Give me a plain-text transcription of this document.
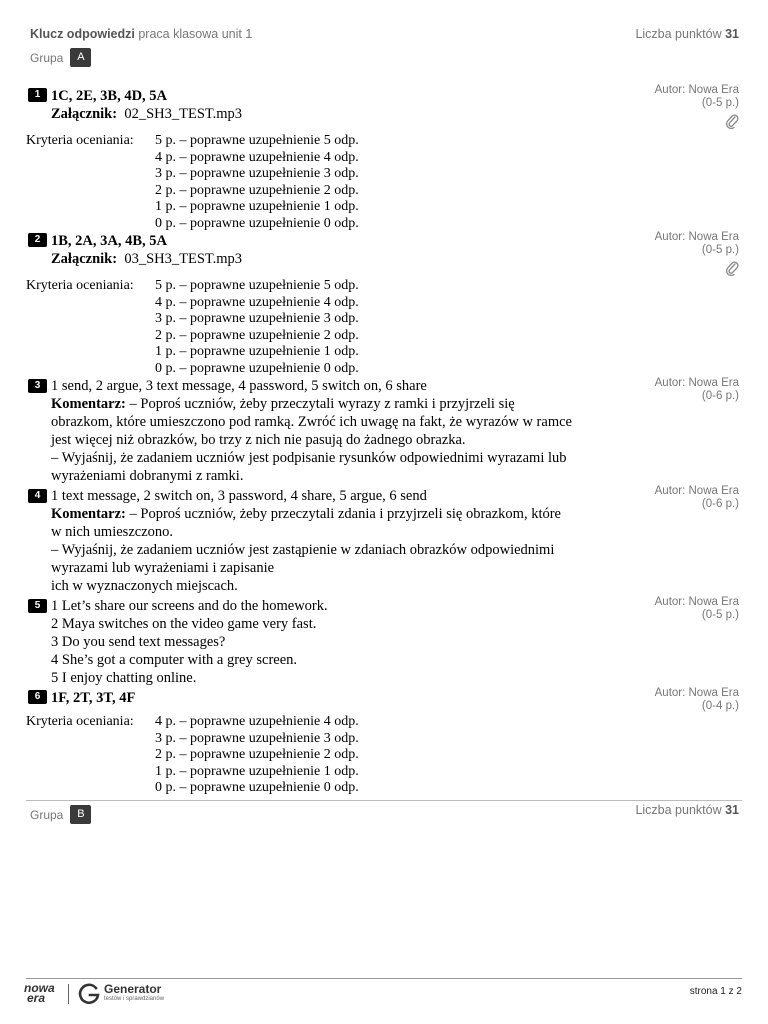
Klucz odpowiedzi praca klasowa unit 1	Liczba punktów 31
Grupa	A
1 1C, 2E, 3B, 4D, 5A
Załącznik: 02_SH3_TEST.mp3
Autor: Nowa Era
(0-5 p.)
Kryteria oceniania: 5 p. – poprawne uzupełnienie 5 odp.
4 p. – poprawne uzupełnienie 4 odp.
3 p. – poprawne uzupełnienie 3 odp.
2 p. – poprawne uzupełnienie 2 odp.
1 p. – poprawne uzupełnienie 1 odp.
0 p. – poprawne uzupełnienie 0 odp.
2 1B, 2A, 3A, 4B, 5A
Załącznik: 03_SH3_TEST.mp3
Autor: Nowa Era
(0-5 p.)
Kryteria oceniania: 5 p. – poprawne uzupełnienie 5 odp.
4 p. – poprawne uzupełnienie 4 odp.
3 p. – poprawne uzupełnienie 3 odp.
2 p. – poprawne uzupełnienie 2 odp.
1 p. – poprawne uzupełnienie 1 odp.
0 p. – poprawne uzupełnienie 0 odp.
3 1 send, 2 argue, 3 text message, 4 password, 5 switch on, 6 share
Komentarz: – Poproś uczniów, żeby przeczytali wyrazy z ramki i przyjrzeli się
obrazkom, które umieszczono pod ramką. Zwróć ich uwagę na fakt, że wyrazów w ramce
jest więcej niż obrazków, bo trzy z nich nie pasują do żadnego obrazka.
– Wyjaśnij, że zadaniem uczniów jest podpisanie rysunków odpowiednimi wyrazami lub
wyrażeniami dobranymi z ramki.
Autor: Nowa Era
(0-6 p.)
4 1 text message, 2 switch on, 3 password, 4 share, 5 argue, 6 send
Komentarz: – Poproś uczniów, żeby przeczytali zdania i przyjrzeli się obrazkom, które
w nich umieszczono.
– Wyjaśnij, że zadaniem uczniów jest zastąpienie w zdaniach obrazków odpowiednimi
wyrazami lub wyrażeniami i zapisanie
ich w wyznaczonych miejscach.
Autor: Nowa Era
(0-6 p.)
5 1 Let’s share our screens and do the homework.
2 Maya switches on the video game very fast.
3 Do you send text messages?
4 She’s got a computer with a grey screen.
5 I enjoy chatting online.
Autor: Nowa Era
(0-5 p.)
6 1F, 2T, 3T, 4F	Autor: Nowa Era
(0-4 p.)
Kryteria oceniania: 4 p. – poprawne uzupełnienie 4 odp.
3 p. – poprawne uzupełnienie 3 odp.
2 p. – poprawne uzupełnienie 2 odp.
1 p. – poprawne uzupełnienie 1 odp.
0 p. – poprawne uzupełnienie 0 odp.
Grupa	B	Liczba punktów 31
nowa
era
Generator
testów i sprawdzianów
strona 1 z 2
